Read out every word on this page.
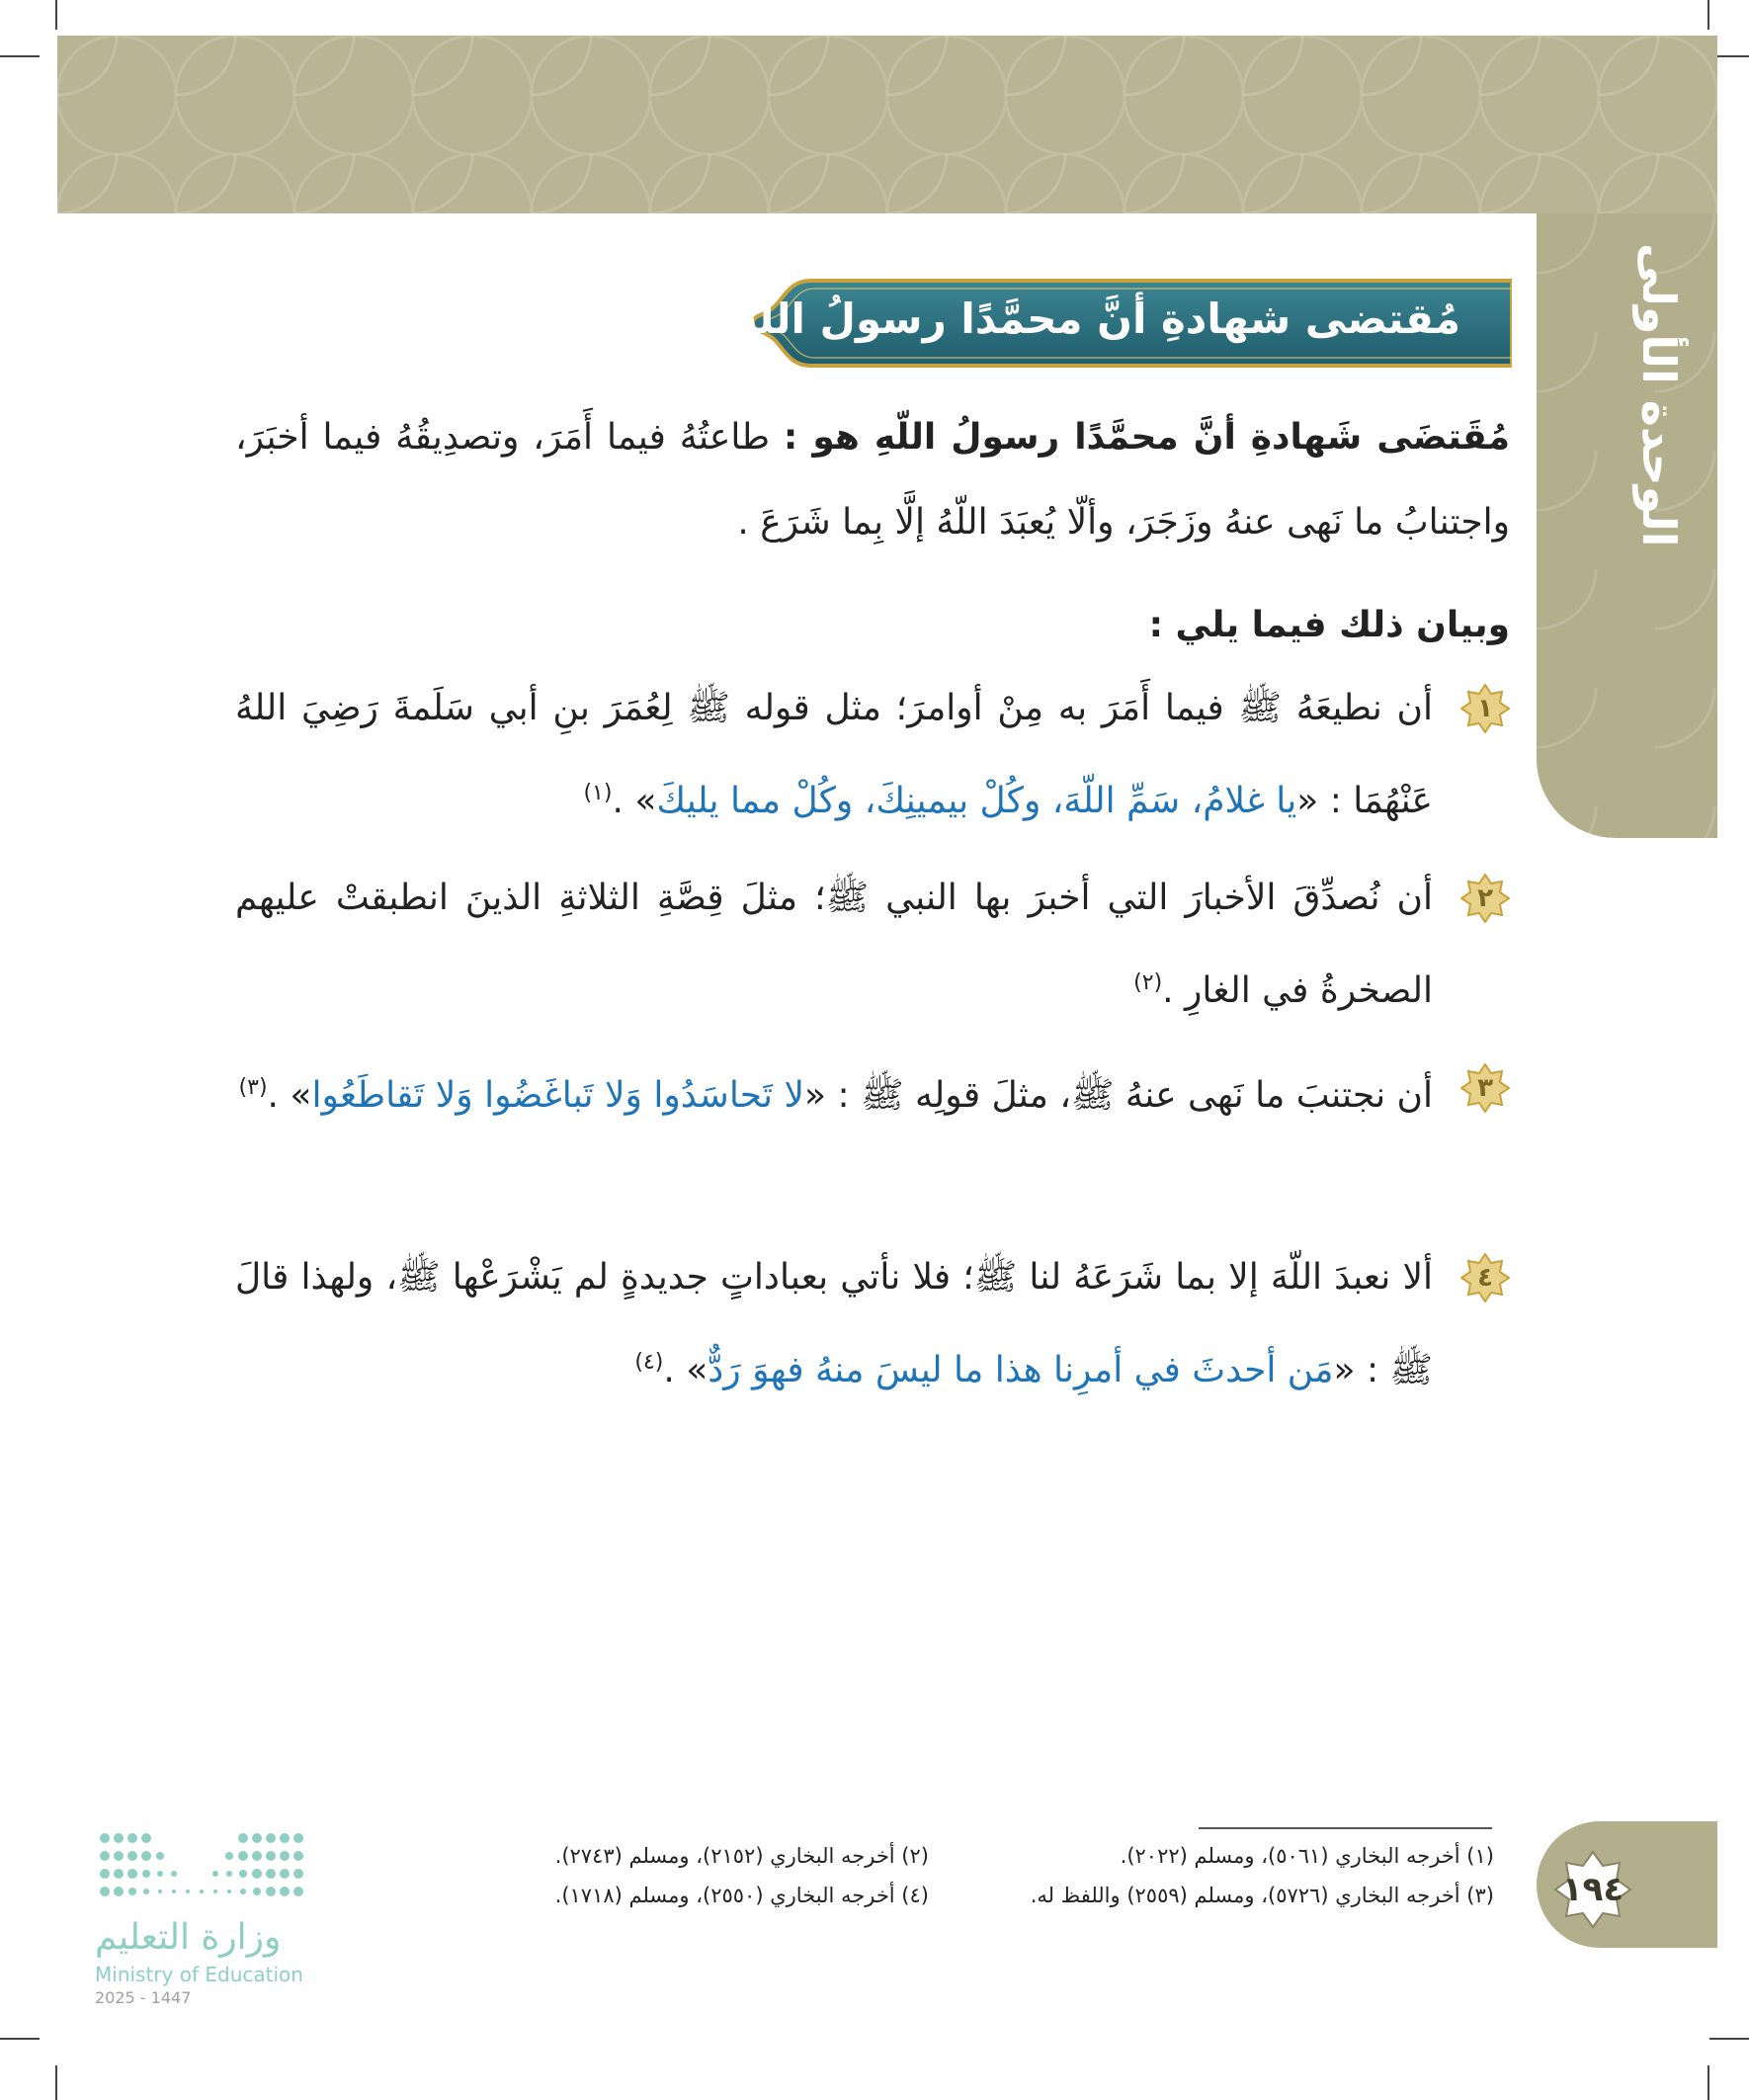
الوحدة الأولى
مُقتضى شهادةِ أنَّ محمَّدًا رسولُ اللّهِ
مُقَتضَى شَهادةِ أنَّ محمَّدًا رسولُ اللّهِ هو : طاعتُهُ فيما أَمَرَ، وتصدِيقُهُ فيما أخبَرَ، واجتنابُ ما نَهى عنهُ وزَجَرَ، وألّا يُعبَدَ اللّهُ إلَّا بِما شَرَعَ .
وبيان ذلك فيما يلي :
١
أن نطيعَهُ ﷺ فيما أَمَرَ به مِنْ أوامرَ؛ مثل قوله ﷺ لِعُمَرَ بنِ أبي سَلَمةَ رَضِيَ اللهُ عَنْهُمَا : «يا غلامُ، سَمِّ اللّهَ، وكُلْ بيمينِكَ، وكُلْ مما يليكَ» .$^{(١)}$
٢
أن نُصدِّقَ الأخبارَ التي أخبرَ بها النبي ﷺ؛ مثلَ قِصَّةِ الثلاثةِ الذينَ انطبقتْ عليهم الصخرةُ في الغارِ .$^{(٢)}$
٣
أن نجتنبَ ما نَهى عنهُ ﷺ، مثلَ قولِه ﷺ : «لا تَحاسَدُوا وَلا تَباغَضُوا وَلا تَقاطَعُوا» .$^{(٣)}$
٤
ألا نعبدَ اللّهَ إلا بما شَرَعَهُ لنا ﷺ؛ فلا نأتي بعباداتٍ جديدةٍ لم يَشْرَعْها ﷺ، ولهذا قالَ ﷺ : «مَن أحدثَ في أمرِنا هذا ما ليسَ منهُ فهوَ رَدٌّ» .$^{(٤)}$
(١) أخرجه البخاري (٥٠٦١)، ومسلم (٢٠٢٢).
(٢) أخرجه البخاري (٢١٥٢)، ومسلم (٢٧٤٣).
(٣) أخرجه البخاري (٥٧٢٦)، ومسلم (٢٥٥٩) واللفظ له.
(٤) أخرجه البخاري (٢٥٥٠)، ومسلم (١٧١٨).	١٩٤
وزارة التعليم
Ministry of Education
2025 - 1447
